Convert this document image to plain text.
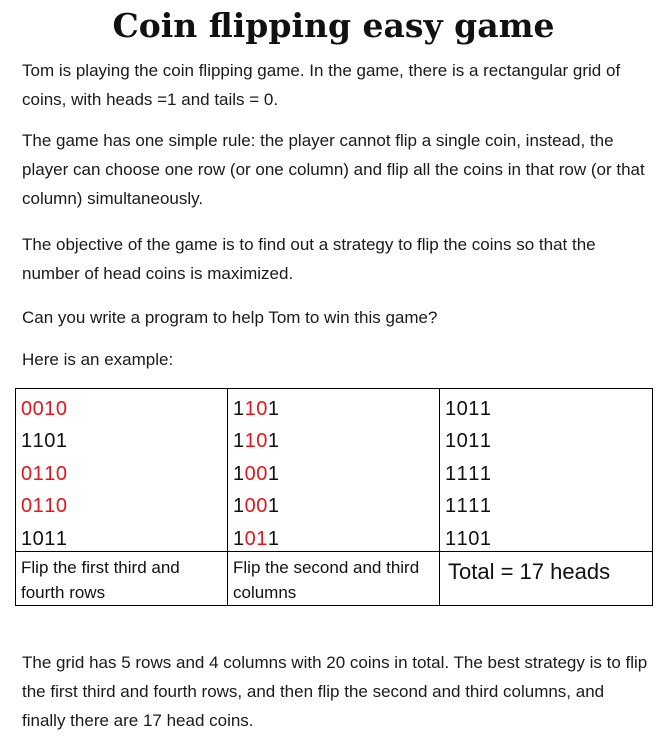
Coin flipping easy game
Tom is playing the coin flipping game. In the game, there is a rectangular grid of coins, with heads =1 and tails = 0.
The game has one simple rule: the player cannot flip a single coin, instead, the player can choose one row (or one column) and flip all the coins in that row (or that column) simultaneously.
The objective of the game is to find out a strategy to flip the coins so that the number of head coins is maximized.
Can you write a program to help Tom to win this game?
Here is an example:
0010
1101
0110
0110
1011
Flip the first third and fourth rows
1101
1101
1001
1001
1011
Flip the second and third columns
1011
1011
1111
1111
1101
Total = 17 heads
The grid has 5 rows and 4 columns with 20 coins in total. The best strategy is to flip the first third and fourth rows, and then flip the second and third columns, and finally there are 17 head coins.
